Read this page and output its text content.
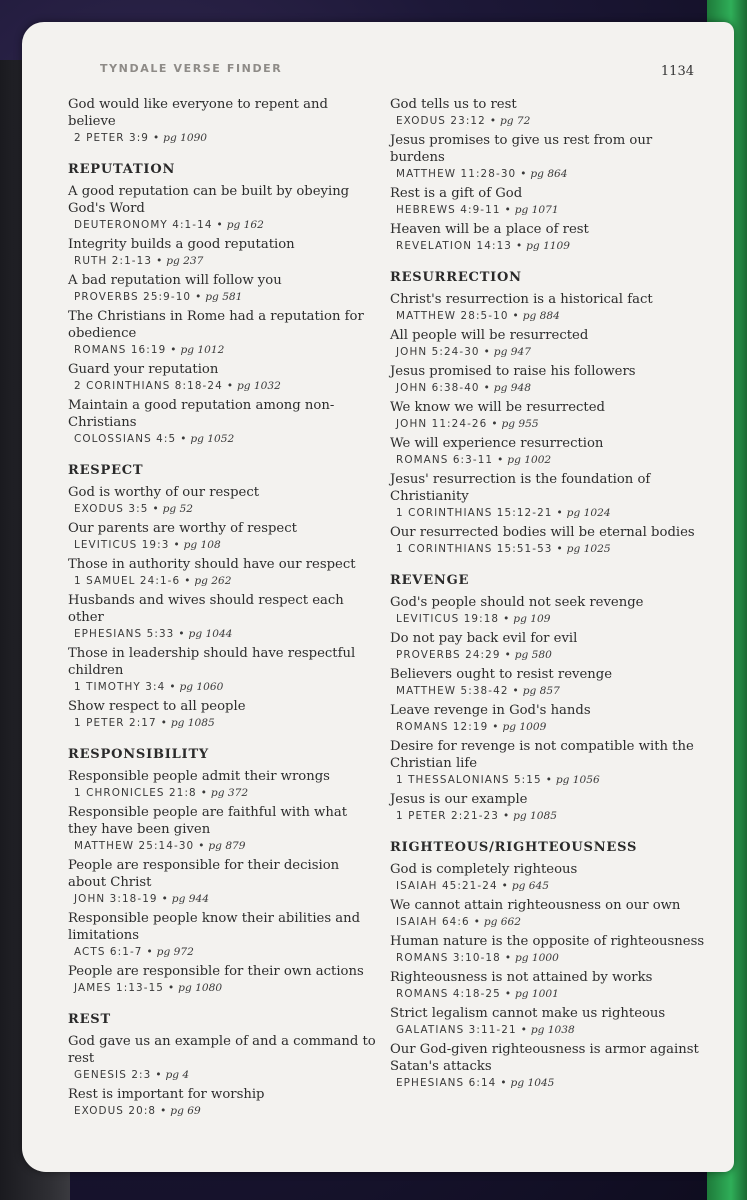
TYNDALE VERSE FINDER	1134
God would like everyone to repent and believe
2 PETER 3:9 • pg 1090
REPUTATION
A good reputation can be built by obeying God's Word
DEUTERONOMY 4:1-14 • pg 162
Integrity builds a good reputation
RUTH 2:1-13 • pg 237
A bad reputation will follow you
PROVERBS 25:9-10 • pg 581
The Christians in Rome had a reputation for obedience
ROMANS 16:19 • pg 1012
Guard your reputation
2 CORINTHIANS 8:18-24 • pg 1032
Maintain a good reputation among non-Christians
COLOSSIANS 4:5 • pg 1052
RESPECT
God is worthy of our respect
EXODUS 3:5 • pg 52
Our parents are worthy of respect
LEVITICUS 19:3 • pg 108
Those in authority should have our respect
1 SAMUEL 24:1-6 • pg 262
Husbands and wives should respect each other
EPHESIANS 5:33 • pg 1044
Those in leadership should have respectful children
1 TIMOTHY 3:4 • pg 1060
Show respect to all people
1 PETER 2:17 • pg 1085
RESPONSIBILITY
Responsible people admit their wrongs
1 CHRONICLES 21:8 • pg 372
Responsible people are faithful with what they have been given
MATTHEW 25:14-30 • pg 879
People are responsible for their decision about Christ
JOHN 3:18-19 • pg 944
Responsible people know their abilities and limitations
ACTS 6:1-7 • pg 972
People are responsible for their own actions
JAMES 1:13-15 • pg 1080
REST
God gave us an example of and a command to rest
GENESIS 2:3 • pg 4
Rest is important for worship
EXODUS 20:8 • pg 69
God tells us to rest
EXODUS 23:12 • pg 72
Jesus promises to give us rest from our burdens
MATTHEW 11:28-30 • pg 864
Rest is a gift of God
HEBREWS 4:9-11 • pg 1071
Heaven will be a place of rest
REVELATION 14:13 • pg 1109
RESURRECTION
Christ's resurrection is a historical fact
MATTHEW 28:5-10 • pg 884
All people will be resurrected
JOHN 5:24-30 • pg 947
Jesus promised to raise his followers
JOHN 6:38-40 • pg 948
We know we will be resurrected
JOHN 11:24-26 • pg 955
We will experience resurrection
ROMANS 6:3-11 • pg 1002
Jesus' resurrection is the foundation of Christianity
1 CORINTHIANS 15:12-21 • pg 1024
Our resurrected bodies will be eternal bodies
1 CORINTHIANS 15:51-53 • pg 1025
REVENGE
God's people should not seek revenge
LEVITICUS 19:18 • pg 109
Do not pay back evil for evil
PROVERBS 24:29 • pg 580
Believers ought to resist revenge
MATTHEW 5:38-42 • pg 857
Leave revenge in God's hands
ROMANS 12:19 • pg 1009
Desire for revenge is not compatible with the Christian life
1 THESSALONIANS 5:15 • pg 1056
Jesus is our example
1 PETER 2:21-23 • pg 1085
RIGHTEOUS/RIGHTEOUSNESS
God is completely righteous
ISAIAH 45:21-24 • pg 645
We cannot attain righteousness on our own
ISAIAH 64:6 • pg 662
Human nature is the opposite of righteousness
ROMANS 3:10-18 • pg 1000
Righteousness is not attained by works
ROMANS 4:18-25 • pg 1001
Strict legalism cannot make us righteous
GALATIANS 3:11-21 • pg 1038
Our God-given righteousness is armor against Satan's attacks
EPHESIANS 6:14 • pg 1045
